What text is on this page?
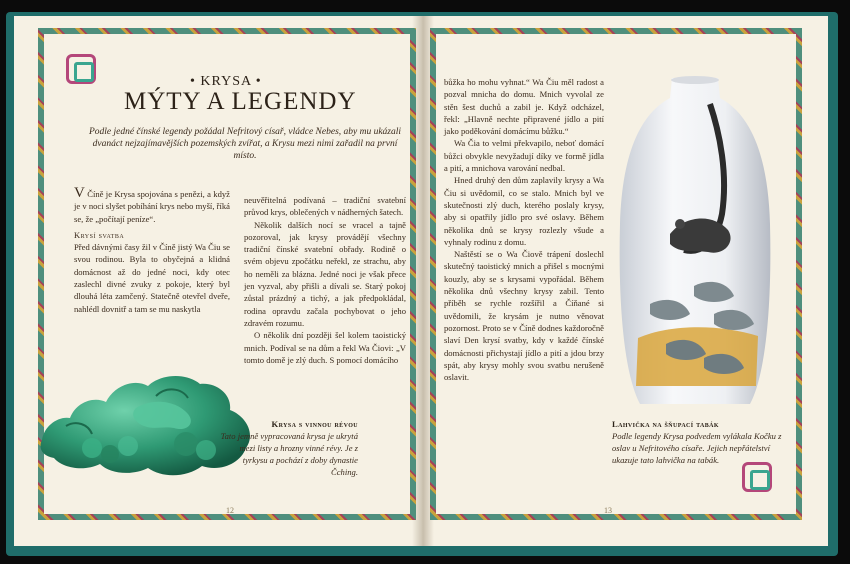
• KRYSA •
MÝTY A LEGENDY
Podle jedné čínské legendy požádal Nefritový císař, vládce Nebes, aby mu ukázali dvanáct nejzajímavějších pozemských zvířat, a Krysu mezi nimi zařadil na první místo.

V Číně je Krysa spojována s penězi, a když je v noci slyšet pobíhání krys nebo myší, říká se, že „počítají peníze“.

Krysí svatba

Před dávnými časy žil v Číně jistý Wa Čiu se svou rodinou. Byla to obyčejná a klidná domácnost až do jedné noci, kdy otec zaslechl divné zvuky z pokoje, který byl dlouhá léta zamčený. Statečně otevřel dveře, nahlédl dovnitř a tam se mu naskytla

neuvěřitelná podívaná – tradiční svatební průvod krys, oblečených v nádherných šatech.

Několik dalších nocí se vracel a tajně pozoroval, jak krysy provádějí všechny tradiční čínské svatební obřady. Rodině o svém objevu zpočátku neřekl, ze strachu, aby ho neměli za blázna. Jedné noci je však přece jen vyzval, aby přišli a dívali se. Starý pokoj zůstal prázdný a tichý, a jak předpokládal, rodina opravdu začala pochybovat o jeho zdravém rozumu.

O několik dní později šel kolem taoistický mnich. Podíval se na dům a řekl Wa Čiovi: „V tomto domě je zlý duch. S pomocí domácího

Krysa s vinnou révou
Tato jemně vypracovaná krysa je ukrytá mezi listy a hrozny vinné révy. Je z tyrkysu a pochází z doby dynastie Čching.
12

bůžka ho mohu vyhnat.“ Wa Čiu měl radost a pozval mnicha do domu. Mnich vyvolal ze stěn šest duchů a zabil je. Když odcházel, řekl: „Hlavně nechte připravené jídlo a pití jako poděkování domácímu bůžku.“

Wa Čia to velmi překvapilo, neboť domácí bůžci obvykle nevyžadují díky ve formě jídla a pití, a mnichova varování nedbal.

Hned druhý den dům zaplavily krysy a Wa Čiu si uvědomil, co se stalo. Mnich byl ve skutečnosti zlý duch, kterého poslaly krysy, aby si opatřily jídlo pro své oslavy. Během několika dnů se krysy rozlezly všude a vyhnaly rodinu z domu.

Naštěstí se o Wa Čiově trápení doslechl skutečný taoistický mnich a přišel s mocnými kouzly, aby se s krysami vypořádal. Během několika dnů všechny krysy zabil. Tento příběh se rychle rozšířil a Číňané si uvědomili, že krysám je nutno věnovat pozornost. Proto se v Číně dodnes každoročně slaví Den krysí svatby, kdy v každé čínské domácnosti přichystají jídlo a pití a jdou brzy spát, aby krysy mohly svou svatbu nerušeně oslavit.

Lahvička na šňupací tabák
Podle legendy Krysa podvedem vylákala Kočku z oslav u Nefritového císaře. Jejich nepřátelství ukazuje tato lahvička na tabák.
13
